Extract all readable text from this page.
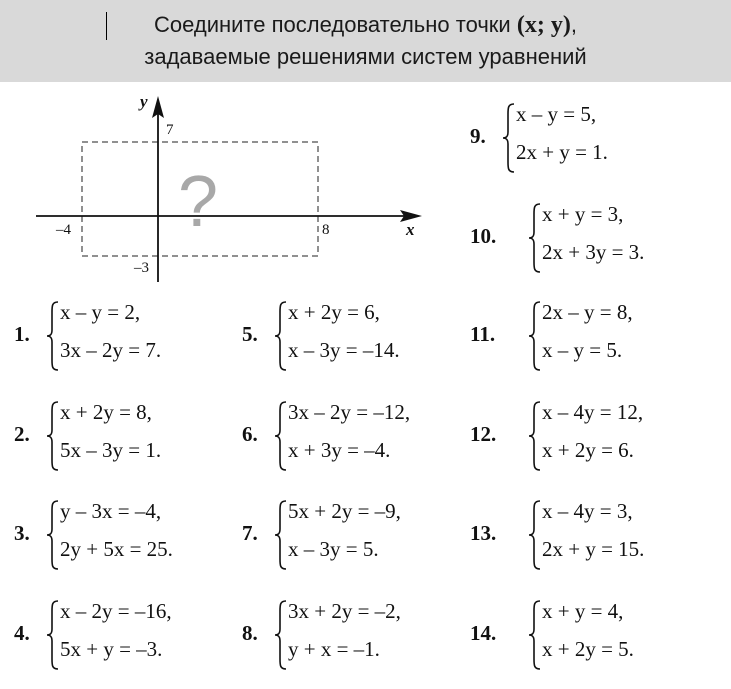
Соедините последовательно точки (x; y),
задаваемые решениями систем уравнений
y
x
7
–4	8
–3
?
1.
x – y = 2,
3x – 2y = 7.
2.
x + 2y = 8,
5x – 3y = 1.
3.
y – 3x = –4,
2y + 5x = 25.
4.
x – 2y = –16,
5x + y = –3.
5.
x + 2y = 6,
x – 3y = –14.
6.
3x – 2y = –12,
x + 3y = –4.
7.
5x + 2y = –9,
x – 3y = 5.
8.
3x + 2y = –2,
y + x = –1.
9.
x – y = 5,
2x + y = 1.
10.
x + y = 3,
2x + 3y = 3.
11.
2x – y = 8,
x – y = 5.
12.
x – 4y = 12,
x + 2y = 6.
13.
x – 4y = 3,
2x + y = 15.
14.
x + y = 4,
x + 2y = 5.
